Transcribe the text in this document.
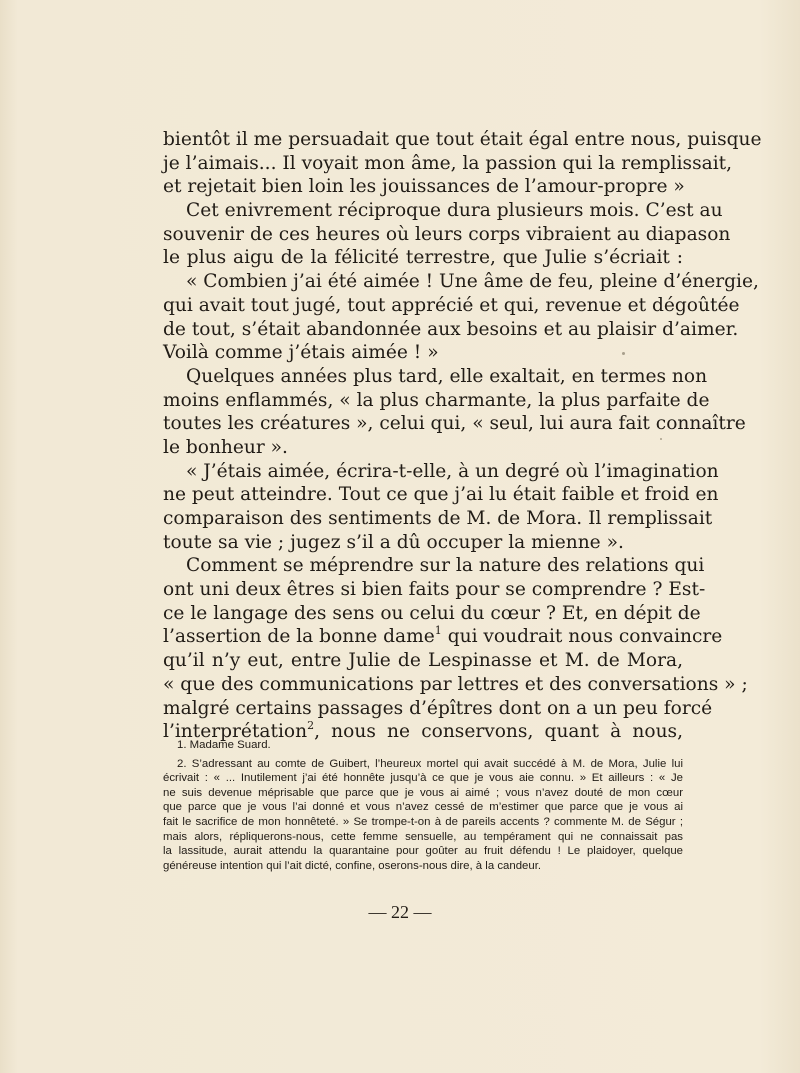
bientôt il me persuadait que tout était égal entre nous, puisque
je l’aimais... Il voyait mon âme, la passion qui la remplissait,
et rejetait bien loin les jouissances de l’amour-propre »
Cet enivrement réciproque dura plusieurs mois. C’est au
souvenir de ces heures où leurs corps vibraient au diapason
le plus aigu de la félicité terrestre, que Julie s’écriait :
« Combien j’ai été aimée ! Une âme de feu, pleine d’énergie,
qui avait tout jugé, tout apprécié et qui, revenue et dégoûtée
de tout, s’était abandonnée aux besoins et au plaisir d’aimer.
Voilà comme j’étais aimée ! »
Quelques années plus tard, elle exaltait, en termes non
moins enflammés, « la plus charmante, la plus parfaite de
toutes les créatures », celui qui, « seul, lui aura fait connaître
le bonheur ».
« J’étais aimée, écrira-t-elle, à un degré où l’imagination
ne peut atteindre. Tout ce que j’ai lu était faible et froid en
comparaison des sentiments de M. de Mora. Il remplissait
toute sa vie ; jugez s’il a dû occuper la mienne ».
Comment se méprendre sur la nature des relations qui
ont uni deux êtres si bien faits pour se comprendre ? Est-
ce le langage des sens ou celui du cœur ? Et, en dépit de
l’assertion de la bonne dame$^1$ qui voudrait nous convaincre
qu’il n’y eut, entre Julie de Lespinasse et M. de Mora,
« que des communications par lettres et des conversations » ;
malgré certains passages d’épîtres dont on a un peu forcé
l’interprétation$^2$, nous ne conservons, quant à nous,
1. Madame Suard.
2. S’adressant au comte de Guibert, l’heureux mortel qui avait succédé à M. de Mora, Julie lui
écrivait : « ... Inutilement j’ai été honnête jusqu’à ce que je vous aie connu. » Et ailleurs : « Je
ne suis devenue méprisable que parce que je vous ai aimé ; vous n’avez douté de mon cœur
que parce que je vous l’ai donné et vous n’avez cessé de m’estimer que parce que je vous ai
fait le sacrifice de mon honnêteté. » Se trompe-t-on à de pareils accents ? commente M. de Ségur ;
mais alors, répliquerons-nous, cette femme sensuelle, au tempérament qui ne connaissait pas
la lassitude, aurait attendu la quarantaine pour goûter au fruit défendu ! Le plaidoyer, quelque
généreuse intention qui l’ait dicté, confine, oserons-nous dire, à la candeur.
— 22 —
